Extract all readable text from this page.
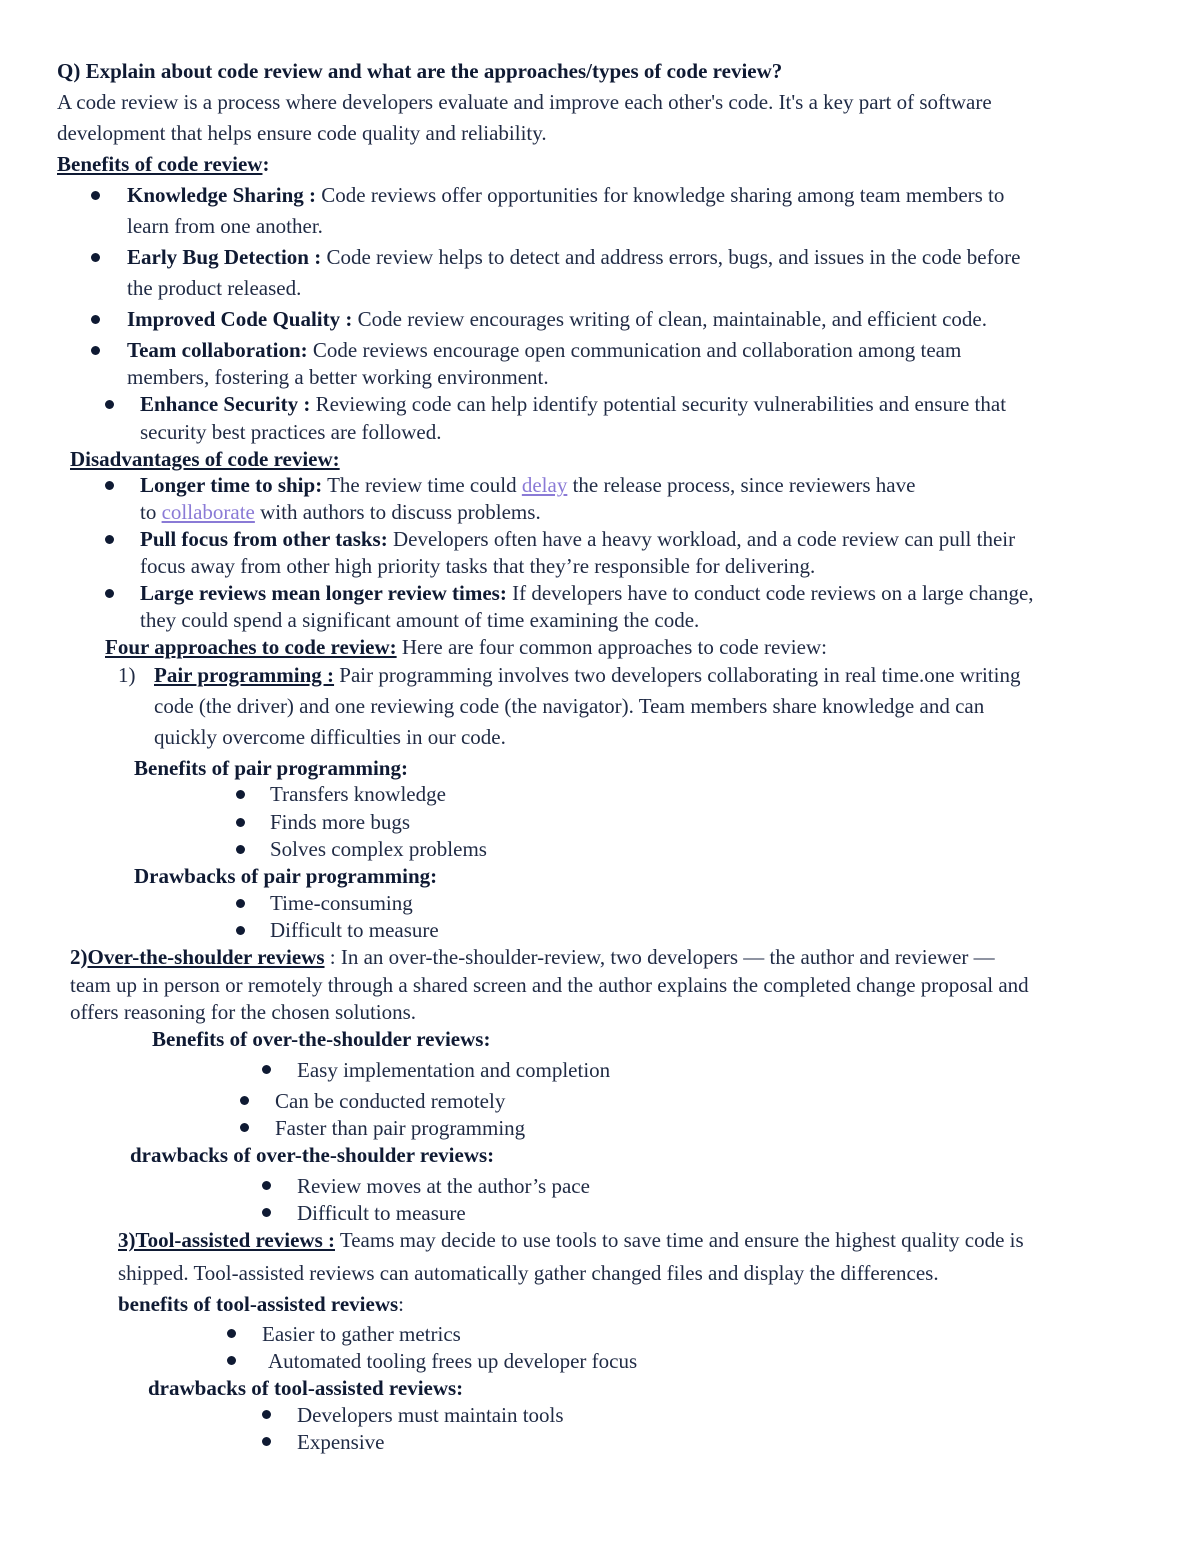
Q) Explain about code review and what are the approaches/types of code review?
A code review is a process where developers evaluate and improve each other's code. It's a key part of software
development that helps ensure code quality and reliability.
Benefits of code review:
Knowledge Sharing : Code reviews offer opportunities for knowledge sharing among team members to
learn from one another.
Early Bug Detection : Code review helps to detect and address errors, bugs, and issues in the code before
the product released.
Improved Code Quality : Code review encourages writing of clean, maintainable, and efficient code.
Team collaboration: Code reviews encourage open communication and collaboration among team
members, fostering a better working environment.
Enhance Security : Reviewing code can help identify potential security vulnerabilities and ensure that
security best practices are followed.
Disadvantages of code review:
Longer time to ship: The review time could delay the release process, since reviewers have
to collaborate with authors to discuss problems.
Pull focus from other tasks: Developers often have a heavy workload, and a code review can pull their
focus away from other high priority tasks that they’re responsible for delivering.
Large reviews mean longer review times: If developers have to conduct code reviews on a large change,
they could spend a significant amount of time examining the code.
Four approaches to code review: Here are four common approaches to code review:
1) Pair programming : Pair programming involves two developers collaborating in real time.one writing
code (the driver) and one reviewing code (the navigator). Team members share knowledge and can
quickly overcome difficulties in our code.
Benefits of pair programming:
Transfers knowledge
Finds more bugs
Solves complex problems
Drawbacks of pair programming:
Time-consuming
Difficult to measure
2)Over-the-shoulder reviews : In an over-the-shoulder-review, two developers — the author and reviewer —
team up in person or remotely through a shared screen and the author explains the completed change proposal and
offers reasoning for the chosen solutions.
Benefits of over-the-shoulder reviews:
Easy implementation and completion
Can be conducted remotely
Faster than pair programming
drawbacks of over-the-shoulder reviews:
Review moves at the author’s pace
Difficult to measure
3)Tool-assisted reviews : Teams may decide to use tools to save time and ensure the highest quality code is
shipped. Tool-assisted reviews can automatically gather changed files and display the differences.
benefits of tool-assisted reviews:
Easier to gather metrics
Automated tooling frees up developer focus
drawbacks of tool-assisted reviews:
Developers must maintain tools
Expensive
